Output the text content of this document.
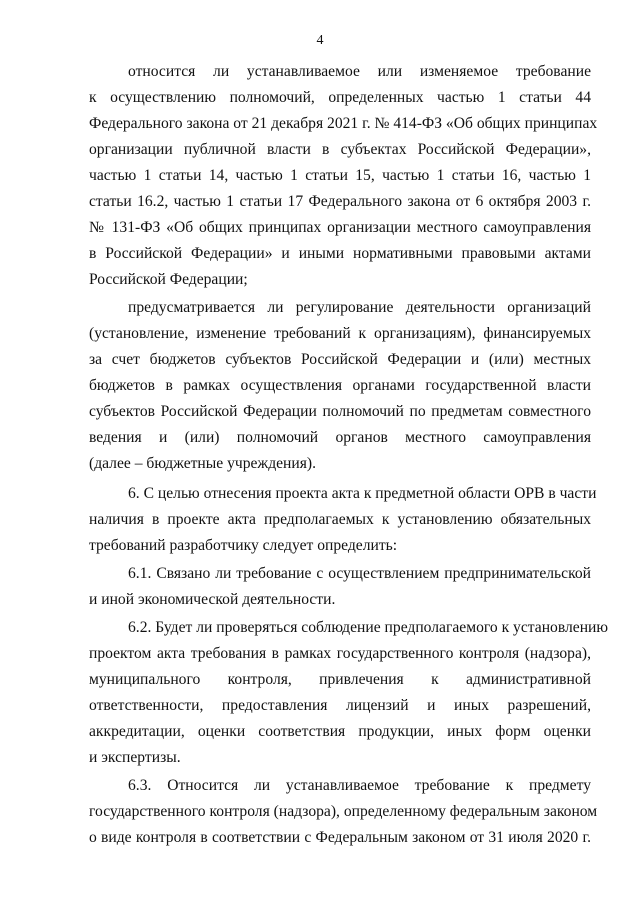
4
относится ли устанавливаемое или изменяемое требование
к осуществлению полномочий, определенных частью 1 статьи 44
Федерального закона от 21 декабря 2021 г. № 414-ФЗ «Об общих принципах
организации публичной власти в субъектах Российской Федерации»,
частью 1 статьи 14, частью 1 статьи 15, частью 1 статьи 16, частью 1
статьи 16.2, частью 1 статьи 17 Федерального закона от 6 октября 2003 г.
№ 131-ФЗ «Об общих принципах организации местного самоуправления
в Российской Федерации» и иными нормативными правовыми актами
Российской Федерации;
предусматривается ли регулирование деятельности организаций
(установление, изменение требований к организациям), финансируемых
за счет бюджетов субъектов Российской Федерации и (или) местных
бюджетов в рамках осуществления органами государственной власти
субъектов Российской Федерации полномочий по предметам совместного
ведения и (или) полномочий органов местного самоуправления
(далее – бюджетные учреждения).
6. С целью отнесения проекта акта к предметной области ОРВ в части
наличия в проекте акта предполагаемых к установлению обязательных
требований разработчику следует определить:
6.1. Связано ли требование с осуществлением предпринимательской
и иной экономической деятельности.
6.2. Будет ли проверяться соблюдение предполагаемого к установлению
проектом акта требования в рамках государственного контроля (надзора),
муниципального контроля, привлечения к административной
ответственности, предоставления лицензий и иных разрешений,
аккредитации, оценки соответствия продукции, иных форм оценки
и экспертизы.
6.3. Относится ли устанавливаемое требование к предмету
государственного контроля (надзора), определенному федеральным законом
о виде контроля в соответствии с Федеральным законом от 31 июля 2020 г.
